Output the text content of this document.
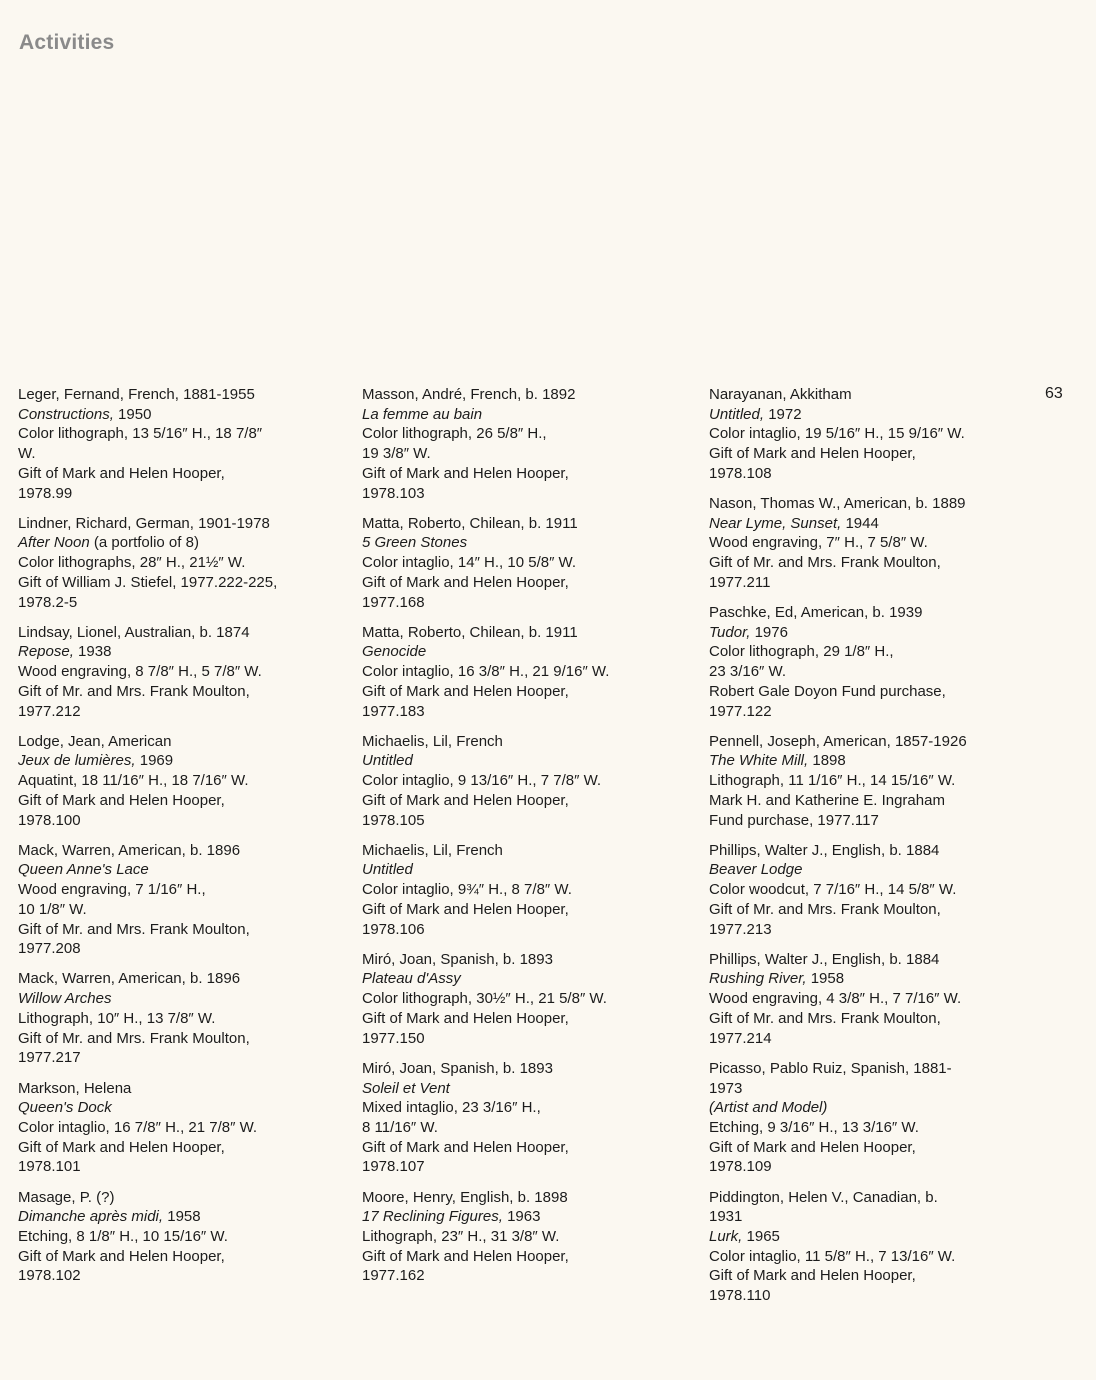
Activities
63
Leger, Fernand, French, 1881-1955
Constructions, 1950
Color lithograph, 13 5/16″ H., 18 7/8″
W.
Gift of Mark and Helen Hooper,
1978.99
Lindner, Richard, German, 1901-1978
After Noon (a portfolio of 8)
Color lithographs, 28″ H., 21½″ W.
Gift of William J. Stiefel, 1977.222-225,
1978.2-5
Lindsay, Lionel, Australian, b. 1874
Repose, 1938
Wood engraving, 8 7/8″ H., 5 7/8″ W.
Gift of Mr. and Mrs. Frank Moulton,
1977.212
Lodge, Jean, American
Jeux de lumières, 1969
Aquatint, 18 11/16″ H., 18 7/16″ W.
Gift of Mark and Helen Hooper,
1978.100
Mack, Warren, American, b. 1896
Queen Anne's Lace
Wood engraving, 7 1/16″ H.,
10 1/8″ W.
Gift of Mr. and Mrs. Frank Moulton,
1977.208
Mack, Warren, American, b. 1896
Willow Arches
Lithograph, 10″ H., 13 7/8″ W.
Gift of Mr. and Mrs. Frank Moulton,
1977.217
Markson, Helena
Queen's Dock
Color intaglio, 16 7/8″ H., 21 7/8″ W.
Gift of Mark and Helen Hooper,
1978.101
Masage, P. (?)
Dimanche après midi, 1958
Etching, 8 1/8″ H., 10 15/16″ W.
Gift of Mark and Helen Hooper,
1978.102
Masson, André, French, b. 1892
La femme au bain
Color lithograph, 26 5/8″ H.,
19 3/8″ W.
Gift of Mark and Helen Hooper,
1978.103
Matta, Roberto, Chilean, b. 1911
5 Green Stones
Color intaglio, 14″ H., 10 5/8″ W.
Gift of Mark and Helen Hooper,
1977.168
Matta, Roberto, Chilean, b. 1911
Genocide
Color intaglio, 16 3/8″ H., 21 9/16″ W.
Gift of Mark and Helen Hooper,
1977.183
Michaelis, Lil, French
Untitled
Color intaglio, 9 13/16″ H., 7 7/8″ W.
Gift of Mark and Helen Hooper,
1978.105
Michaelis, Lil, French
Untitled
Color intaglio, 9¾″ H., 8 7/8″ W.
Gift of Mark and Helen Hooper,
1978.106
Miró, Joan, Spanish, b. 1893
Plateau d'Assy
Color lithograph, 30½″ H., 21 5/8″ W.
Gift of Mark and Helen Hooper,
1977.150
Miró, Joan, Spanish, b. 1893
Soleil et Vent
Mixed intaglio, 23 3/16″ H.,
8 11/16″ W.
Gift of Mark and Helen Hooper,
1978.107
Moore, Henry, English, b. 1898
17 Reclining Figures, 1963
Lithograph, 23″ H., 31 3/8″ W.
Gift of Mark and Helen Hooper,
1977.162
Narayanan, Akkitham
Untitled, 1972
Color intaglio, 19 5/16″ H., 15 9/16″ W.
Gift of Mark and Helen Hooper,
1978.108
Nason, Thomas W., American, b. 1889
Near Lyme, Sunset, 1944
Wood engraving, 7″ H., 7 5/8″ W.
Gift of Mr. and Mrs. Frank Moulton,
1977.211
Paschke, Ed, American, b. 1939
Tudor, 1976
Color lithograph, 29 1/8″ H.,
23 3/16″ W.
Robert Gale Doyon Fund purchase,
1977.122
Pennell, Joseph, American, 1857-1926
The White Mill, 1898
Lithograph, 11 1/16″ H., 14 15/16″ W.
Mark H. and Katherine E. Ingraham
Fund purchase, 1977.117
Phillips, Walter J., English, b. 1884
Beaver Lodge
Color woodcut, 7 7/16″ H., 14 5/8″ W.
Gift of Mr. and Mrs. Frank Moulton,
1977.213
Phillips, Walter J., English, b. 1884
Rushing River, 1958
Wood engraving, 4 3/8″ H., 7 7/16″ W.
Gift of Mr. and Mrs. Frank Moulton,
1977.214
Picasso, Pablo Ruiz, Spanish, 1881-
1973
(Artist and Model)
Etching, 9 3/16″ H., 13 3/16″ W.
Gift of Mark and Helen Hooper,
1978.109
Piddington, Helen V., Canadian, b.
1931
Lurk, 1965
Color intaglio, 11 5/8″ H., 7 13/16″ W.
Gift of Mark and Helen Hooper,
1978.110
